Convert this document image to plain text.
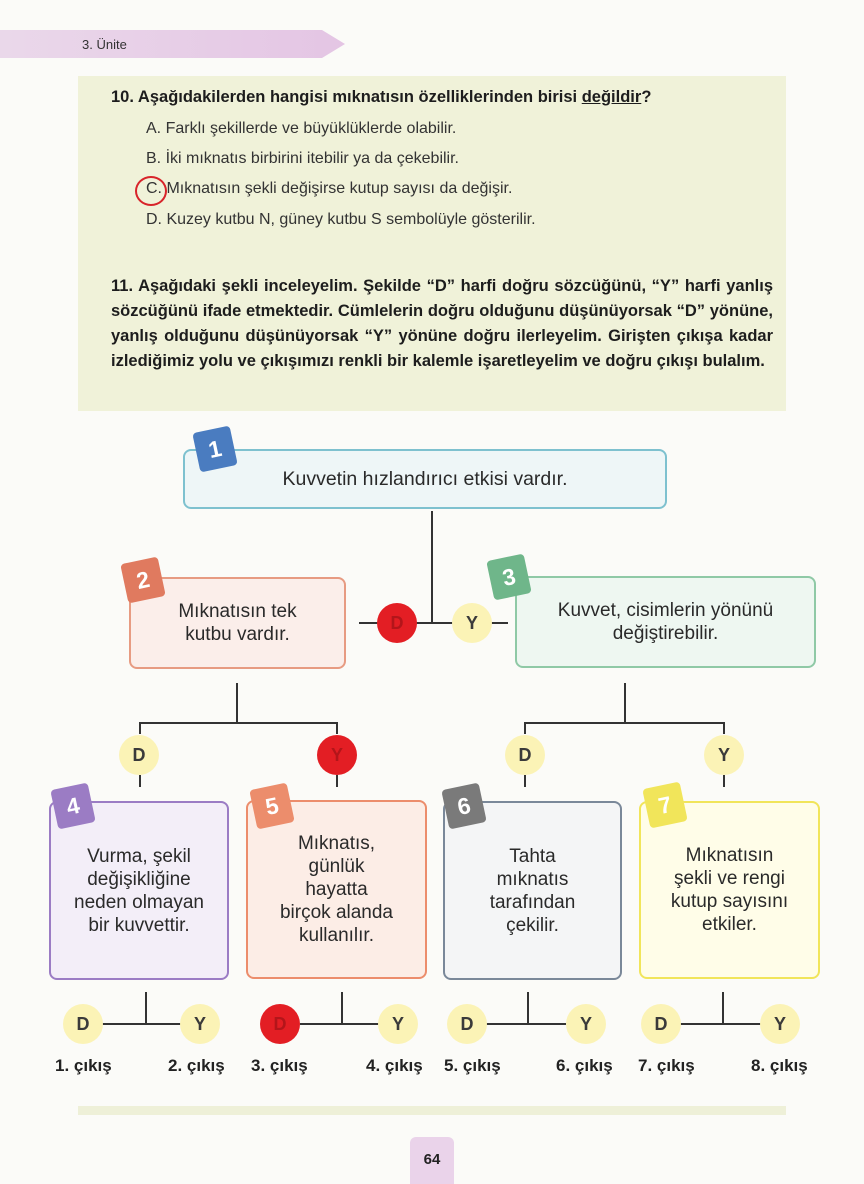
3. Ünite
10. Aşağıdakilerden hangisi mıknatısın özelliklerinden birisi değildir?
A. Farklı şekillerde ve büyüklüklerde olabilir.
B. İki mıknatıs birbirini itebilir ya da çekebilir.
C. Mıknatısın şekli değişirse kutup sayısı da değişir.
D. Kuzey kutbu N, güney kutbu S sembolüyle gösterilir.
11. Aşağıdaki şekli inceleyelim. Şekilde “D” harfi doğru sözcüğünü, “Y” harfi yanlış sözcüğünü ifade etmektedir. Cümlelerin doğru olduğunu düşünüyorsak “D” yönüne, yanlış olduğunu düşünüyorsak “Y” yönüne doğru ilerleyelim. Girişten çıkışa kadar izlediğimiz yolu ve çıkışımızı renkli bir kalemle işaretleyelim ve doğru çıkışı bulalım.
Kuvvetin hızlandırıcı etkisi vardır.
1
Mıknatısın tek
kutbu vardır.
2
Kuvvet, cisimlerin yönünü
değiştirebilir.
3
Vurma, şekil
değişikliğine
neden olmayan
bir kuvvettir.
4
Mıknatıs,
günlük
hayatta
birçok alanda
kullanılır.
5
Tahta
mıknatıs
tarafından
çekilir.
6
Mıknatısın
şekli ve rengi
kutup sayısını
etkiler.
7
D	Y
D	Y	D	Y
D	Y	D	Y	D	Y	D	Y
1. çıkış	2. çıkış 3. çıkış	4. çıkış 5. çıkış	6. çıkış 7. çıkış	8. çıkış
64
